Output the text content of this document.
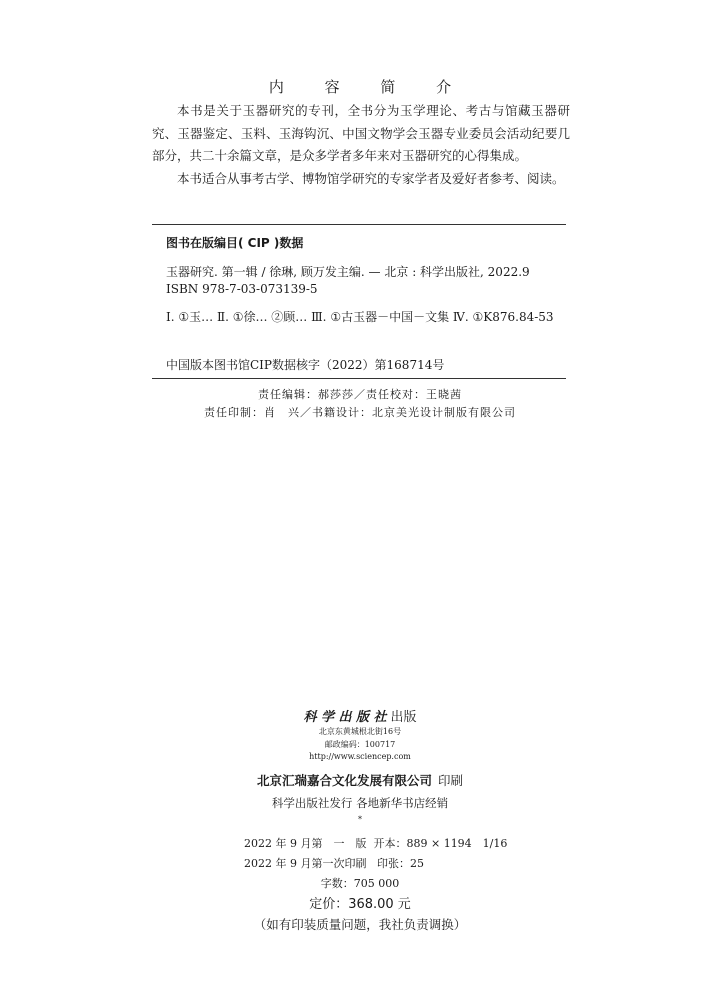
内 容 简 介

本书是关于玉器研究的专刊，全书分为玉学理论、考古与馆藏玉器研究、玉器鉴定、玉料、玉海钩沉、中国文物学会玉器专业委员会活动纪要几部分，共二十余篇文章，是众多学者多年来对玉器研究的心得集成。

本书适合从事考古学、博物馆学研究的专家学者及爱好者参考、阅读。

图书在版编目( CIP )数据
玉器研究. 第一辑 / 徐琳, 顾万发主编. — 北京 : 科学出版社, 2022.9
ISBN 978-7-03-073139-5
Ⅰ. ①玉… Ⅱ. ①徐… ②顾… Ⅲ. ①古玉器－中国－文集 Ⅳ. ①K876.84-53
中国版本图书馆CIP数据核字（2022）第168714号
责任编辑：郝莎莎／责任校对：王晓茜
责任印制：肖　兴／书籍设计：北京美光设计制版有限公司
科 学 出 版 社 出版
北京东黄城根北街16号
邮政编码：100717
http://www.sciencep.com
北京汇瑞嘉合文化发展有限公司 印刷
科学出版社发行 各地新华书店经销
*
2022 年 9 月第　一　版 开本：889 × 1194　1/16
2022 年 9 月第一次印刷 印张：25
字数：705 000
定价：368.00 元
（如有印装质量问题，我社负责调换）
